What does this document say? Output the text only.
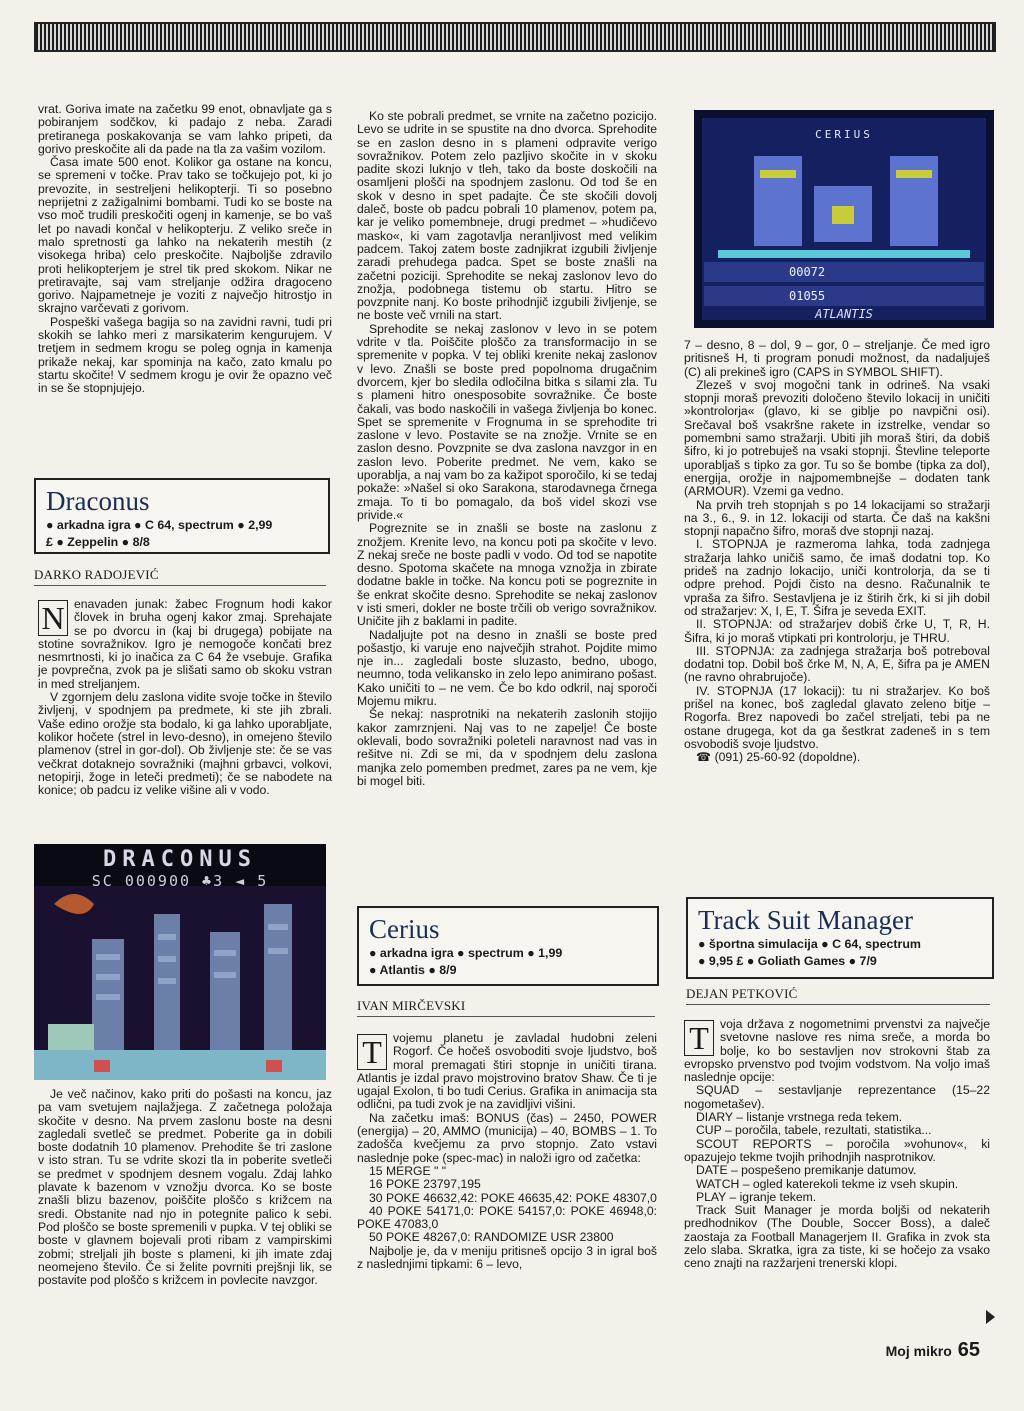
vrat. Goriva imate na začetku 99 enot, obnavljate ga s pobiranjem sodčkov, ki padajo z neba. Zaradi pretiranega poskakovanja se vam lahko pripeti, da gorivo preskočite ali da pade na tla za vašim vozilom.

Časa imate 500 enot. Kolikor ga ostane na koncu, se spremeni v točke. Prav tako se točkujejo pot, ki jo prevozite, in sestreljeni helikopterji. Ti so posebno neprijetni z zažigalnimi bombami. Tudi ko se boste na vso moč trudili preskočiti ogenj in kamenje, se bo vaš let po navadi končal v helikopterju. Z veliko sreče in malo spretnosti ga lahko na nekaterih mestih (z visokega hriba) celo preskočite. Najboljše zdravilo proti helikopterjem je strel tik pred skokom. Nikar ne pretiravajte, saj vam streljanje odžira dragoceno gorivo. Najpametneje je voziti z največjo hitrostjo in skrajno varčevati z gorivom.

Pospeški vašega bagija so na zavidni ravni, tudi pri skokih se lahko meri z marsikaterim kengurujem. V tretjem in sedmem krogu se poleg ognja in kamenja prikaže nekaj, kar spominja na kačo, zato kmalu po startu skočite! V sedmem krogu je ovir že opazno več in se še stopnjujejo.

Draconus
● arkadna igra ● C 64, spectrum ● 2,99
£ ● Zeppelin ● 8/8
DARKO RADOJEVIĆ
N enavaden junak: žabec Frognum hodi kakor človek in bruha ogenj kakor zmaj. Sprehajate se po dvorcu in (kaj bi drugega) pobijate na stotine sovražnikov. Igro je nemogoče končati brez nesmrtnosti, ki jo inačica za C 64 že vsebuje. Grafika je povprečna, zvok pa je slišati samo ob skoku vstran in med streljanjem.

V zgornjem delu zaslona vidite svoje točke in število življenj, v spodnjem pa predmete, ki ste jih zbrali. Vaše edino orožje sta bodalo, ki ga lahko uporabljate, kolikor hočete (strel in levo-desno), in omejeno število plamenov (strel in gor-dol). Ob življenje ste: če se vas večkrat dotaknejo sovražniki (majhni grbavci, volkovi, netopirji, žoge in leteči predmeti); če se nabodete na konice; ob padcu iz velike višine ali v vodo.

DRACONUS
SC 000900 ♣3 ◄ 5

Je več načinov, kako priti do pošasti na koncu, jaz pa vam svetujem najlažjega. Z začetnega položaja skočite v desno. Na prvem zaslonu boste na desni zagledali svetleč se predmet. Poberite ga in dobili boste dodatnih 10 plamenov. Prehodite še tri zaslone v isto stran. Tu se vdrite skozi tla in poberite svetleči se predmet v spodnjem desnem vogalu. Zdaj lahko plavate k bazenom v vznožju dvorca. Ko se boste znašli blizu bazenov, poiščite ploščo s križcem na sredi. Obstanite nad njo in potegnite palico k sebi. Pod ploščo se boste spremenili v pupka. V tej obliki se boste v glavnem bojevali proti ribam z vampirskimi zobmi; streljali jih boste s plameni, ki jih imate zdaj neomejeno število. Če si želite povrniti prejšnji lik, se postavite pod ploščo s križcem in povlecite navzgor.

Ko ste pobrali predmet, se vrnite na začetno pozicijo. Levo se udrite in se spustite na dno dvorca. Sprehodite se en zaslon desno in s plameni odpravite verigo sovražnikov. Potem zelo pazljivo skočite in v skoku padite skozi luknjo v tleh, tako da boste doskočili na osamljeni plošči na spodnjem zaslonu. Od tod še en skok v desno in spet padajte. Če ste skočili dovolj daleč, boste ob padcu pobrali 10 plamenov, potem pa, kar je veliko pomembneje, drugi predmet – »hudičevo masko«, ki vam zagotavlja neranljivost med velikim padcem. Takoj zatem boste zadnjikrat izgubili življenje zaradi prehudega padca. Spet se boste znašli na začetni poziciji. Sprehodite se nekaj zaslonov levo do znožja, podobnega tistemu ob startu. Hitro se povzpnite nanj. Ko boste prihodnjič izgubili življenje, se ne boste več vrnili na start.

Sprehodite se nekaj zaslonov v levo in se potem vdrite v tla. Poiščite ploščo za transformacijo in se spremenite v popka. V tej obliki krenite nekaj zaslonov v levo. Znašli se boste pred popolnoma drugačnim dvorcem, kjer bo sledila odločilna bitka s silami zla. Tu s plameni hitro onesposobite sovražnike. Če boste čakali, vas bodo naskočili in vašega življenja bo konec. Spet se spremenite v Frognuma in se sprehodite tri zaslone v levo. Postavite se na znožje. Vrnite se en zaslon desno. Povzpnite se dva zaslona navzgor in en zaslon levo. Poberite predmet. Ne vem, kako se uporablja, a naj vam bo za kažipot sporočilo, ki se tedaj pokaže: »Našel si oko Sarakona, starodavnega črnega zmaja. To ti bo pomagalo, da boš videl skozi vse privide.«

Pogreznite se in znašli se boste na zaslonu z znožjem. Krenite levo, na koncu poti pa skočite v levo. Z nekaj sreče ne boste padli v vodo. Od tod se napotite desno. Spotoma skačete na mnoga vznožja in zbirate dodatne bakle in točke. Na koncu poti se pogreznite in še enkrat skočite desno. Sprehodite se nekaj zaslonov v isti smeri, dokler ne boste trčili ob verigo sovražnikov. Uničite jih z baklami in padite.

Nadaljujte pot na desno in znašli se boste pred pošastjo, ki varuje eno največjih strahot. Pojdite mimo nje in... zagledali boste sluzasto, bedno, ubogo, neumno, toda velikansko in zelo lepo animirano pošast. Kako uničiti to – ne vem. Če bo kdo odkril, naj sporoči Mojemu mikru.

Še nekaj: nasprotniki na nekaterih zaslonih stojijo kakor zamrznjeni. Naj vas to ne zapelje! Če boste oklevali, bodo sovražniki poleteli naravnost nad vas in rešitve ni. Zdi se mi, da v spodnjem delu zaslona manjka zelo pomemben predmet, zares pa ne vem, kje bi mogel biti.

Cerius
● arkadna igra ● spectrum ● 1,99
● Atlantis ● 8/9
IVAN MIRČEVSKI
T vojemu planetu je zavladal hudobni zeleni Rogorf. Če hočeš osvoboditi svoje ljudstvo, boš moral premagati štiri stopnje in uničiti tirana. Atlantis je izdal pravo mojstrovino bratov Shaw. Če ti je ugajal Exolon, ti bo tudi Cerius. Grafika in animacija sta odlični, pa tudi zvok je na zavidljivi višini.

Na začetku imaš: BONUS (čas) – 2450, POWER (energija) – 20, AMMO (municija) – 40, BOMBS – 1. To zadošča kvečjemu za prvo stopnjo. Zato vstavi naslednje poke (spec-mac) in naloži igro od začetka:

15 MERGE " "

16 POKE 23797,195

30 POKE 46632,42: POKE 46635,42: POKE 48307,0

40 POKE 54171,0: POKE 54157,0: POKE 46948,0: POKE 47083,0

50 POKE 48267,0: RANDOMIZE USR 23800

Najbolje je, da v meniju pritisneš opcijo 3 in igral boš z naslednjimi tipkami: 6 – levo,

CERIUS
00072
01055
ATLANTIS

7 – desno, 8 – dol, 9 – gor, 0 – streljanje. Če med igro pritisneš H, ti program ponudi možnost, da nadaljuješ (C) ali prekineš igro (CAPS in SYMBOL SHIFT).

Zlezeš v svoj mogočni tank in odrineš. Na vsaki stopnji moraš prevoziti določeno število lokacij in uničiti »kontrolorja« (glavo, ki se giblje po navpični osi). Srečaval boš vsakršne rakete in izstrelke, vendar so pomembni samo stražarji. Ubiti jih moraš štiri, da dobiš šifro, ki jo potrebuješ na vsaki stopnji. Števline teleporte uporabljaš s tipko za gor. Tu so še bombe (tipka za dol), energija, orožje in najpomembnejše – dodaten tank (ARMOUR). Vzemi ga vedno.

Na prvih treh stopnjah s po 14 lokacijami so stražarji na 3., 6., 9. in 12. lokaciji od starta. Če daš na kakšni stopnji napačno šifro, moraš dve stopnji nazaj.

I. STOPNJA je razmeroma lahka, toda zadnjega stražarja lahko uničiš samo, če imaš dodatni top. Ko prideš na zadnjo lokacijo, uniči kontrolorja, da se ti odpre prehod. Pojdi čisto na desno. Računalnik te vpraša za šifro. Sestavljena je iz štirih črk, ki si jih dobil od stražarjev: X, I, E, T. Šifra je seveda EXIT.

II. STOPNJA: od stražarjev dobiš črke U, T, R, H. Šifra, ki jo moraš vtipkati pri kontrolorju, je THRU.

III. STOPNJA: za zadnjega stražarja boš potreboval dodatni top. Dobil boš črke M, N, A, E, šifra pa je AMEN (ne ravno ohrabrujoče).

IV. STOPNJA (17 lokacij): tu ni stražarjev. Ko boš prišel na konec, boš zagledal glavato zeleno bitje – Rogorfa. Brez napovedi bo začel streljati, tebi pa ne ostane drugega, kot da ga šestkrat zadeneš in s tem osvobodiš svoje ljudstvo.

☎ (091) 25-60-92 (dopoldne).

Track Suit Manager
● športna simulacija ● C 64, spectrum
● 9,95 £ ● Goliath Games ● 7/9
DEJAN PETKOVIĆ
T voja država z nogometnimi prvenstvi za največje svetovne naslove res nima sreče, a morda bo bolje, ko bo sestavljen nov strokovni štab za evropsko prvenstvo pod tvojim vodstvom. Na voljo imaš naslednje opcije:

SQUAD – sestavljanje reprezentance (15–22 nogometašev).

DIARY – listanje vrstnega reda tekem.

CUP – poročila, tabele, rezultati, statistika...

SCOUT REPORTS – poročila »vohunov«, ki opazujejo tekme tvojih prihodnjih nasprotnikov.

DATE – pospešeno premikanje datumov.

WATCH – ogled katerekoli tekme iz vseh skupin.

PLAY – igranje tekem.

Track Suit Manager je morda boljši od nekaterih predhodnikov (The Double, Soccer Boss), a daleč zaostaja za Football Managerjem II. Grafika in zvok sta zelo slaba. Skratka, igra za tiste, ki se hočejo za vsako ceno znajti na razžarjeni trenerski klopi.

Moj mikro 65
